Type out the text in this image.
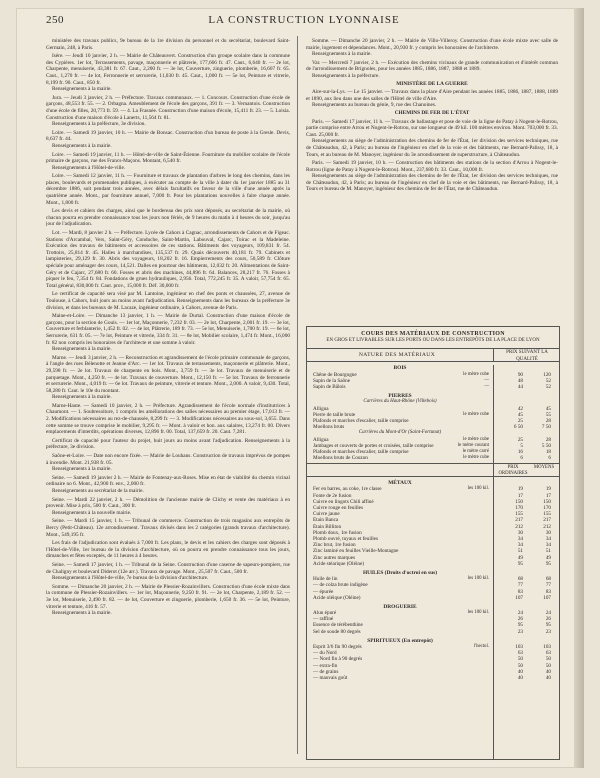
250	LA CONSTRUCTION LYONNAISE

ministère des travaux publics, 9e bureau de la 1re division du personnel et du secrétariat, boulevard Saint-Germain, 248, à Paris.

Isère. — Jeudi 10 janvier, 2 h. — Mairie de Châteauvert. Construction d'un groupe scolaire dans la commune des Cypières. 1er lot, Terrassements, pavage, maçonnerie et plâtrerie, 177,666 fr. 47. Caut., 6,640 fr. — 2e lot, Charpente, menuiserie, 43,381 fr. 67. Caut., 2,200 fr. — 3e lot, Couverture, zinguerie, plomberie, 16,607 fr. 65. Caut., 1,270 fr. — 4e lot, Ferronnerie et serrurerie, 11,030 fr. 45. Caut., 1,000 fr. — 5e lot, Peinture et vitrerie, 8,199 fr. 90. Caut., 850 fr.

Renseignements à la mairie.

Jura. — Jeudi 3 janvier, 2 h. — Préfecture. Travaux communaux. — 1. Concours. Construction d'une école de garçons, 48,553 fr. 55. — 2. Orbagna. Ameublement de l'école des garçons, 391 fr. — 3. Vernantois. Construction d'une école de filles, 20,773 fr. 59. — 4. La Frasnée. Construction d'une maison d'école, 15,411 fr. 23. — 5. Loisia. Construction d'une maison d'école à Lanerts, 11,564 fr. 81.

Renseignements à la préfecture, 3e division.

Loire. — Samedi 19 janvier, 10 h. — Mairie de Bonsac. Construction d'un bureau de poste à la Gresle. Devis, 8,637 fr. 44.

Renseignements à la mairie.

Loire. — Samedi 19 janvier, 11 h. — Hôtel-de-ville de Saint-Étienne. Fourniture du mobilier scolaire de l'école primaire de garçons, rue des Francs-Maçons. Montant, 6,540 fr.

Renseignements à l'Hôtel-de-ville.

Loire. — Samedi 12 janvier, 11 h. — Fourniture et travaux de plantation d'arbres le long des chemins, dans les places, boulevards et promenades publiques, à exécuter au compte de la ville à dater du 1er janvier 1885 au 31 décembre 1886, soit pendant trois années, avec délais facultatifs en faveur de la ville d'une année après la quatrième année. Mont., par fourniture annuel, 7,000 fr. Pour les plantations nouvelles à faire chaque année. Mont., 1,800 fr.

Les devis et cahiers des charges, ainsi que le bordereau des prix sont déposés, au secrétariat de la mairie, où chacun pourra en prendre connaissance tous les jours non fériés, de 9 heures du matin à 4 heures du soir, jusqu'au jour de l'adjudication.

Lot. — Mardi, 8 janvier 2 h. — Préfecture. Lycée de Cahors à Cagnac, arrondissements de Cahors et de Figeac. Stations d'Arcambal, Vers, Saint-Géry, Conduche, Saint-Martin, Labouval, Cajarc, Toirac et la Madeleine. Exécution des travaux de bâtiments et accessoires de ces stations. Bâtiments des voyageurs, 109,831 fr. 54. Trottoirs, 25,814 fr. 45. Halles à marchandises, 135,537 fr. 29. Quais découverts 40,181 fr. 79. Cabinets et lampisteries, 29,129 fr. 30. Abris des voyageurs, 18,202 fr. 16. Empierrements des cours, 50,589 fr. Clôture spéciale pour aménager des cours, 14,521. Dalles en pourtour des bâtiments, 12,032 fr. 20. Alimentations de Saint-Géry et de Cajarc, 27,680 fr. 60. Fosses et abris des machines, 44,896 fr. 64. Balances, 28,217 fr. 76. Fosses à piquer le feu, 7,354 fr. 84. Fondations de grues hydrauliques, 2,956. Total, 772,245 fr. 35. A valoir, 57,754 fr. 65. Total général, 830,000 fr. Caut. prov., 15,000 fr. Déf. 30,000 fr.

Le certificat de capacité sera visé par M. Lantoine, ingénieur en chef des ponts et chaussées, 27, avenue de Toulouse, à Cahors, huit jours au moins avant l'adjudication. Renseignements dans les bureaux de la préfecture 3e division, et dans les bureaux de M. Lacaze, ingénieur ordinaire, à Cahors, avenue de Paris.

Maine-et-Loire. — Dimanche 13 janvier, 1 h. — Mairie de Durtal. Construction d'une maison d'école de garçons, pour la section de Gouis. — 1er lot, Maçonnerie, 7,232 fr. 03. — 2e lot, Charpente, 2,001 fr. 19. — 3e lot, Couverture et ferblanterie, 1,452 fr. 02. — 4e lot, Plâtrerie, 189 fr. 73. — 5e lot, Menuiserie, 1,700 fr. 19. — 6e lot, Serrurerie, 631 fr. 05. — 7e lot, Peinture et vitrerie, 334 fr. 31. — 8e lot, Mobilier scolaire, 1,474 fr. Mont., 16,000 fr. 82 non compris les honoraires de l'architecte et une somme à valoir.

Renseignements à la mairie.

Marne. — Jeudi 3 janvier, 2 h. — Reconstruction et agrandissement de l'école primaire communale de garçons, à l'angle des rues Bélenotte et Jeanne d'Arc. — 1er lot. Travaux de terrassements, maçonnerie et plâtrerie. Mont., 29,598 fr. — 2e lot. Travaux de charpente en bois. Mont., 3,759 fr. — 3e lot. Travaux de menuiserie et de parquetage. Mont., 4,250 fr. — 4e lot. Travaux de couverture. Mont., 12,150 fr. — 5e lot. Travaux de ferronnerie et serrurerie. Mont., 4,019 fr. — 6e lot. Travaux de peinture, vitrerie et tenture. Mont., 2,000. A valoir, 9,430. Total, 58,280 fr. Caut. le 10e du montant.

Renseignements à la mairie.

Marne-Haute. — Samedi 10 janvier, 2 h. — Préfecture. Agrandissement de l'école normale d'institutrices à Chaumont. — 1. Soubresoiture, 1 compris les améliorations des salles nécessaires au premier étage, 17,013 fr. — 2. Modifications nécessaires au rez-de-chaussée, 8,299 fr. — 3. Modifications nécessaires au sous-sol, 3,655. Dans cette somme se trouve comprise le mobilier, 9,295 fr. — Mont. à valoir et hon. aux salaires, 13,274 fr. 00. Divers emplacements d'interdits, opérations diverses, 12,896 fr. 00. Total, 137,659 fr. 20. Caut. 7,281.

Certificat de capacité pour l'auteur du projet, huit jours au moins avant l'adjudication. Renseignements à la préfecture, 3e division.

Saône-et-Loire. — Date non encore fixée. — Mairie de Louhans. Construction de travaux imprévus de pompes à incendie. Mont. 21,938 fr. 05.

Renseignements à la mairie.

Seine. — Samedi 19 janvier 2 h. — Mairie de Fontenay-aux-Roses. Mise en état de viabilité du chemin vicinal ordinaire no 6. Mont., 42,900 fr. env., 2,000 fr.

Renseignements au secrétariat de la mairie.

Seine. — Mardi 22 janvier, 2 h. — Démolition de l'ancienne mairie de Clichy et vente des matériaux à en provenir. Mise à prix, 500 fr. Caut., 300 fr.

Renseignements à la nouvelle mairie.

Seine. — Mardi 15 janvier, 1 h. — Tribunal de commerce. Construction de trois magasins aux entrepôts de Bercy (Petit-Château). 12e arrondissement. Travaux divisés dans les 2 catégories (grands travaux d'architecture). Mont., 549,195 fr.

Les frais de l'adjudication sont évalués à 7,000 fr. Les plans, le devis et les cahiers des charges sont déposés à l'Hôtel-de-Ville, 1er bureau de la division d'architecture, où on pourra en prendre connaissance tous les jours, dimanches et fêtes exceptés, de 11 heures à 4 heures.

Seine. — Samedi 17 janvier, 1 h. — Tribunal de la Seine. Construction d'une caserne de sapeurs-pompiers, rue de Chaligny et boulevard Diderot (12e arr.). Travaux de pavage. Mont., 25,507 fr. Caut., 500 fr.

Renseignements à l'Hôtel-de-ville, 7e bureau de la division d'architecture.

Somme. — Dimanche 20 janvier, 2 h. — Mairie de Plessier-Rozainvillers. Construction d'une école mixte dans la commune de Plessier-Rozainvillers. — 1er lot, Maçonnerie, 9,250 fr. 91. — 2e lot, Charpente, 2,189 fr. 52. — 3e lot, Menuiserie, 2,490 fr. 82. — 4e lot, Couverture et zinguerie, plomberie, 1,650 fr. 36. — 5e lot, Peinture, vitrerie et tenture, 416 fr. 57.

Renseignements à la mairie.

Somme. — Dimanche 20 janvier, 2 h. — Mairie de Villo-Villeroy. Construction d'une école mixte avec salle de mairie, logement et dépendances. Mont., 20,930 fr. y compris les honoraires de l'architecte.

Renseignements à la mairie.

Var. — Mercredi 7 janvier, 2 h. — Exécution des chemins vicinaux de grande communication et d'intérêt commun de l'arrondissement de Brignoles, pour les années 1885, 1886, 1887, 1888 et 1889.

Renseignements à la préfecture.

MINISTÈRE DE LA GUERRE

Aire-sur-la-Lys. — Le 15 janvier. — Travaux dans la place d'Aire pendant les années 1885, 1886, 1887, 1888, 1889 et 1890, aux lieu dans une des salles de l'Hôtel de ville d'Aire.

Renseignements au bureau du génie, 9, rue des Chanoines.

CHEMINS DE FER DE L'ÉTAT

Paris. — Samedi 17 janvier, 11 h. — Travaux de ballastage et pose de voie de la ligne de Patay à Nogent-le-Rotrou, partie comprise entre Arrou et Nogent-le-Rotrou, sur une longueur de 49 kil. 100 mètres environ. Mont. 703,000 fr. 33. Caut. 25,000 fr.

Renseignements au siège de l'administration des chemins de fer de l'État, 1er division des services techniques, rue de Châteaudun, 42, à Paris; au bureau de l'ingénieur en chef de la voie et des bâtiments, rue Bernard-Palissy, 18, à Tours, et au bureau de M. Manoyer, ingénieur du 3e arrondissement de superstructure, à Châteaudun.

Paris. — Samedi 19 janvier, 10 h. — Construction des bâtiments des stations de la section d'Arrou à Nogent-le-Rotrou (ligne de Patay à Nogent-le-Rotrou). Mont., 237,680 fr. 33. Caut., 10,000 fr.

Renseignements au siège de l'administration des chemins de fer de l'État, 1er division des services techniques, rue de Châteaudun, 42, à Paris; au bureau de l'ingénieur en chef de la voie et des bâtiments, rue Bernard-Palissy, 18, à Tours et bureau de M. Manoyer, ingénieur des chemins de fer de l'État, rue de Châteaudun.

COURS DES MATÉRIAUX DE CONSTRUCTION
EN GROS ET LIVRABLES SUR LES PORTS OU DANS LES ENTREPÔTS DE LA PLACE DE LYON
NATURE DES MATÉRIAUX	PRIX SUIVANT LA QUALITÉ
BOIS
Chêne de Bourgogne	le mètre cube	90	120
Sapin de la Saône	—	48	52
Sapin de Bâlois	—	44	52
PIERRES
Carrières du Haut-Rhône (Villebois)
Alligua	42	45
Pierre de taille brute	le mètre cube	45	55
Plafonds et marches d'escalier, taille comprise	25	28
Moellons bruts	6 50	7 50
Carrières du Mont-d'Or (Saint-Fortunat)
Alligua	le mètre cube	25	28
Jambages et couverts de portes et croisées, taille comprise	le mètre courant	5	5 50
Plafonds et marches d'escalier, taille comprise	le mètre carré	16	18
Moellons bruts de Couzon	le mètre cube	6	6
PRIX ORDINAIRES
MOYENS
MÉTAUX
Fer en barres, au coke, 1re classe	les 100 kil.	19	19
Fonte de 2e fusion	17	17
Cuivre en lingots Chili affiné	150	150
Cuivre rouge en feuilles	170	170
Cuivre jaune	155	155
Étain Banca	217	217
Étain Billiton	212	212
Plomb doux, 1re fusion	30	30
Plomb ouvré, tuyaux et feuilles	34	34
Zinc brut, 1re fusion	34	34
Zinc laminé en feuilles Vieille-Montagne	51	51
Zinc autres marques	49	49
Acide stéarique (Oléine)	95	95
HUILES (Droits d'octroi en sus)
Huile de lin	les 100 kil.	68	68
— de colza brute indigène	77	77
— épurée	83	83
Acide oléique (Oléine)	107	107
DROGUERIE
Alun épuré	les 100 kil.	24	24
— raffiné	26	26
Essence de térébenthine	95	95
Sel de soude 80 degrés	23	23
SPIRITUEUX (En entrepôt)
Esprit 3/6 fin 90 degrés	l'hectol.	103	103
— du Nord	63	63
— Nord fin à 90 degrés	50	50
— extra-fin	50	50
— de grains	40	40
— mauvais goût	40	40
